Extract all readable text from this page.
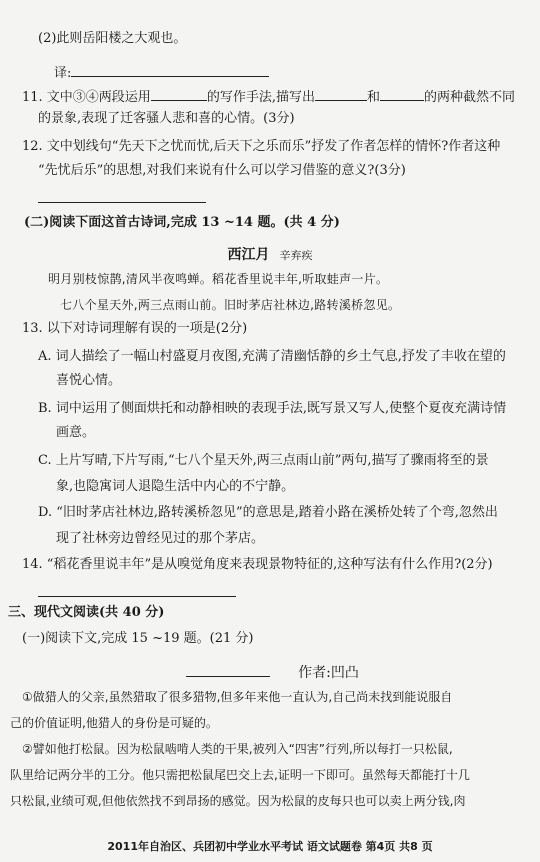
(2)此则岳阳楼之大观也。
译:
11. 文中③④两段运用	的写作手法,描写出	和	的两种截然不同
的景象,表现了迁客骚人悲和喜的心情。(3分)
12. 文中划线句“先天下之忧而忧,后天下之乐而乐”抒发了作者怎样的情怀?作者这种
“先忧后乐”的思想,对我们来说有什么可以学习借鉴的意义?(3分)
(二)阅读下面这首古诗词,完成 13 ~14 题。(共 4 分)
西江月 辛弃疾
明月别枝惊鹊,清风半夜鸣蝉。稻花香里说丰年,听取蛙声一片。
七八个星天外,两三点雨山前。旧时茅店社林边,路转溪桥忽见。
13. 以下对诗词理解有误的一项是(2分)
A. 词人描绘了一幅山村盛夏月夜图,充满了清幽恬静的乡土气息,抒发了丰收在望的
喜悦心情。
B. 词中运用了侧面烘托和动静相映的表现手法,既写景又写人,使整个夏夜充满诗情
画意。
C. 上片写晴,下片写雨,“七八个星天外,两三点雨山前”两句,描写了骤雨将至的景
象,也隐寓词人退隐生活中内心的不宁静。
D. “旧时茅店社林边,路转溪桥忽见”的意思是,踏着小路在溪桥处转了个弯,忽然出
现了社林旁边曾经见过的那个茅店。
14. “稻花香里说丰年”是从嗅觉角度来表现景物特征的,这种写法有什么作用?(2分)
三、现代文阅读(共 40 分)
(一)阅读下文,完成 15 ~19 题。(21 分)
作者:凹凸
①做猎人的父亲,虽然猎取了很多猎物,但多年来他一直认为,自己尚未找到能说服自
己的价值证明,他猎人的身份是可疑的。
②譬如他打松鼠。因为松鼠啮啃人类的干果,被列入“四害”行列,所以每打一只松鼠,
队里给记两分半的工分。他只需把松鼠尾巴交上去,证明一下即可。虽然每天都能打十几
只松鼠,业绩可观,但他依然找不到昂扬的感觉。因为松鼠的皮每只也可以卖上两分钱,肉
2011年自治区、兵团初中学业水平考试 语文试题卷 第4页 共8 页
